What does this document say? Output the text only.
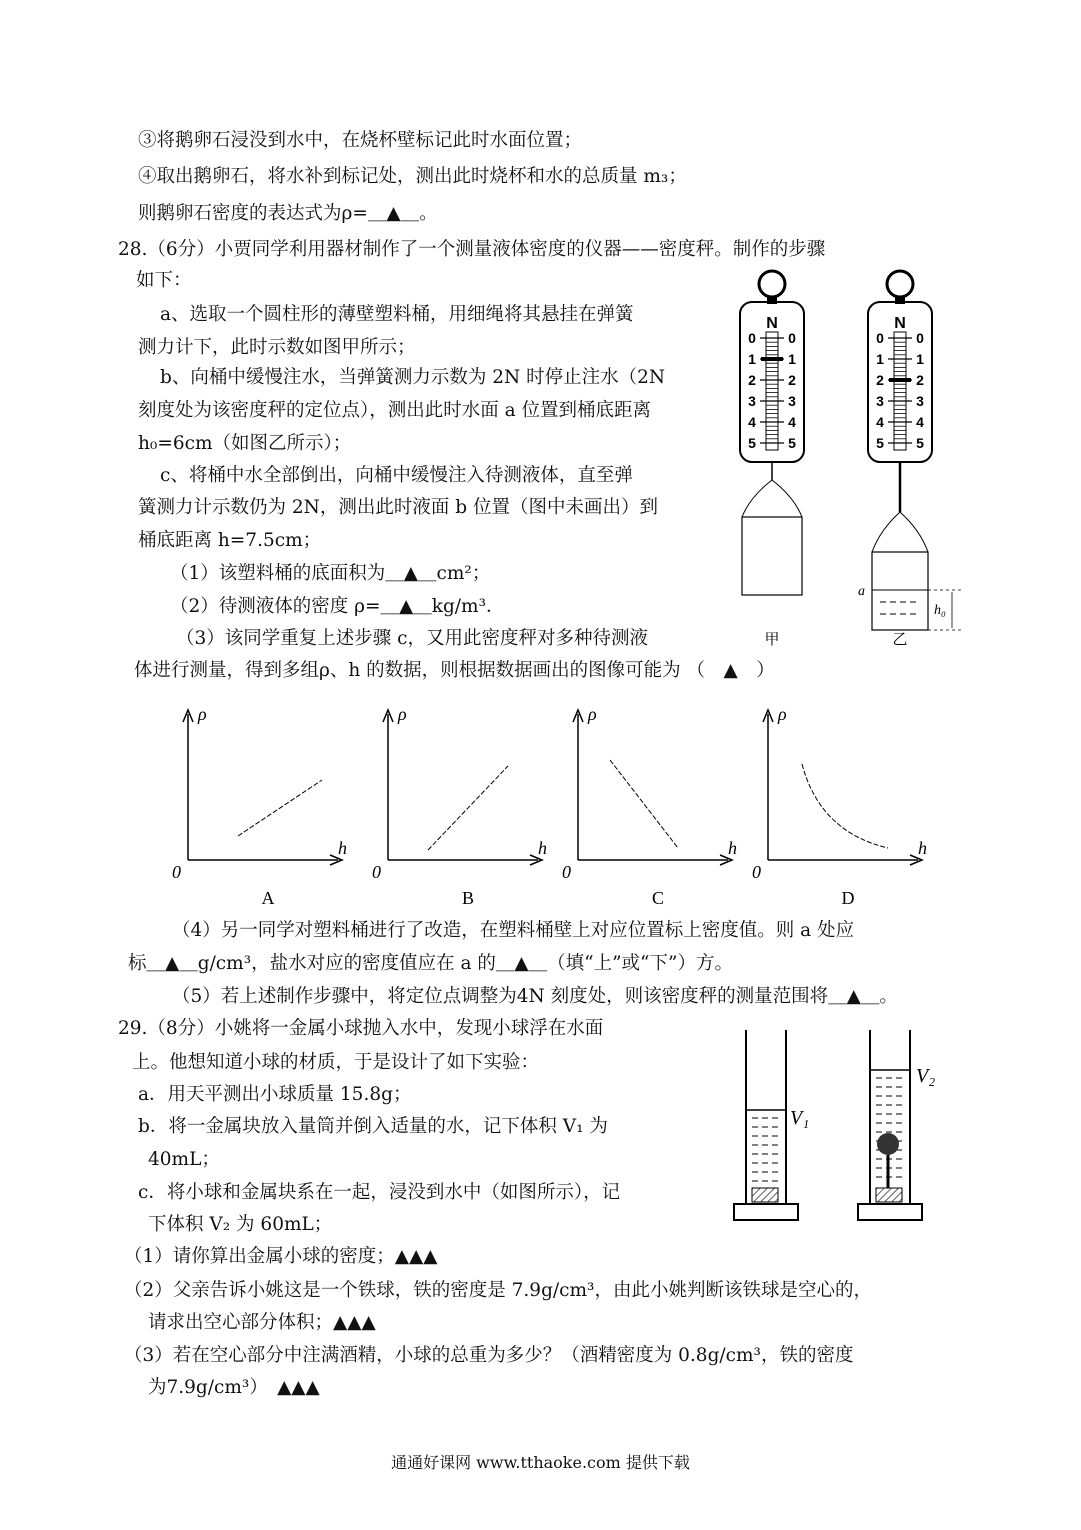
③将鹅卵石浸没到水中，在烧杯壁标记此时水面位置；
④取出鹅卵石，将水补到标记处，测出此时烧杯和水的总质量 m₃；
则鹅卵石密度的表达式为ρ=＿▲＿。
28.（6分）小贾同学利用器材制作了一个测量液体密度的仪器——密度秤。制作的步骤
如下：
a、选取一个圆柱形的薄壁塑料桶，用细绳将其悬挂在弹簧
测力计下，此时示数如图甲所示；
b、向桶中缓慢注水，当弹簧测力示数为 2N 时停止注水（2N
刻度处为该密度秤的定位点），测出此时水面 a 位置到桶底距离
h₀=6cm（如图乙所示）；
c、将桶中水全部倒出，向桶中缓慢注入待测液体，直至弹
簧测力计示数仍为 2N，测出此时液面 b 位置（图中未画出）到
桶底距离 h=7.5cm；
（1）该塑料桶的底面积为＿▲＿cm²；
（2）待测液体的密度 ρ=＿▲＿kg/m³．
（3）该同学重复上述步骤 c，又用此密度秤对多种待测液
体进行测量，得到多组ρ、h 的数据，则根据数据画出的图像可能为 （　▲　）
（4）另一同学对塑料桶进行了改造，在塑料桶壁上对应位置标上密度值。则 a 处应
标＿▲＿g/cm³，盐水对应的密度值应在 a 的＿▲＿（填“上”或“下”）方。
（5）若上述制作步骤中，将定位点调整为4N 刻度处，则该密度秤的测量范围将＿▲＿。
29.（8分）小姚将一金属小球抛入水中，发现小球浮在水面
上。他想知道小球的材质，于是设计了如下实验：
a．用天平测出小球质量 15.8g；
b．将一金属块放入量筒并倒入适量的水，记下体积 V₁ 为
40mL；
c．将小球和金属块系在一起，浸没到水中（如图所示），记
下体积 V₂ 为 60mL；
（1）请你算出金属小球的密度；▲▲▲
（2）父亲告诉小姚这是一个铁球，铁的密度是 7.9g/cm³，由此小姚判断该铁球是空心的，
请求出空心部分体积；▲▲▲
（3）若在空心部分中注满酒精，小球的总重为多少？（酒精密度为 0.8g/cm³，铁的密度
为7.9g/cm³）　▲▲▲
N
0 0
1 1
2 2
3 3
4 4
5 5
N
0 0
1 1
2 2
3 3
4 4
5 5
a
h₀
甲	乙
ρ
h
0
A
ρ
h
0
B
ρ
h
0
C
ρ
h
0
D
V₁
V₂
通通好课网 www.tthaoke.com 提供下载
